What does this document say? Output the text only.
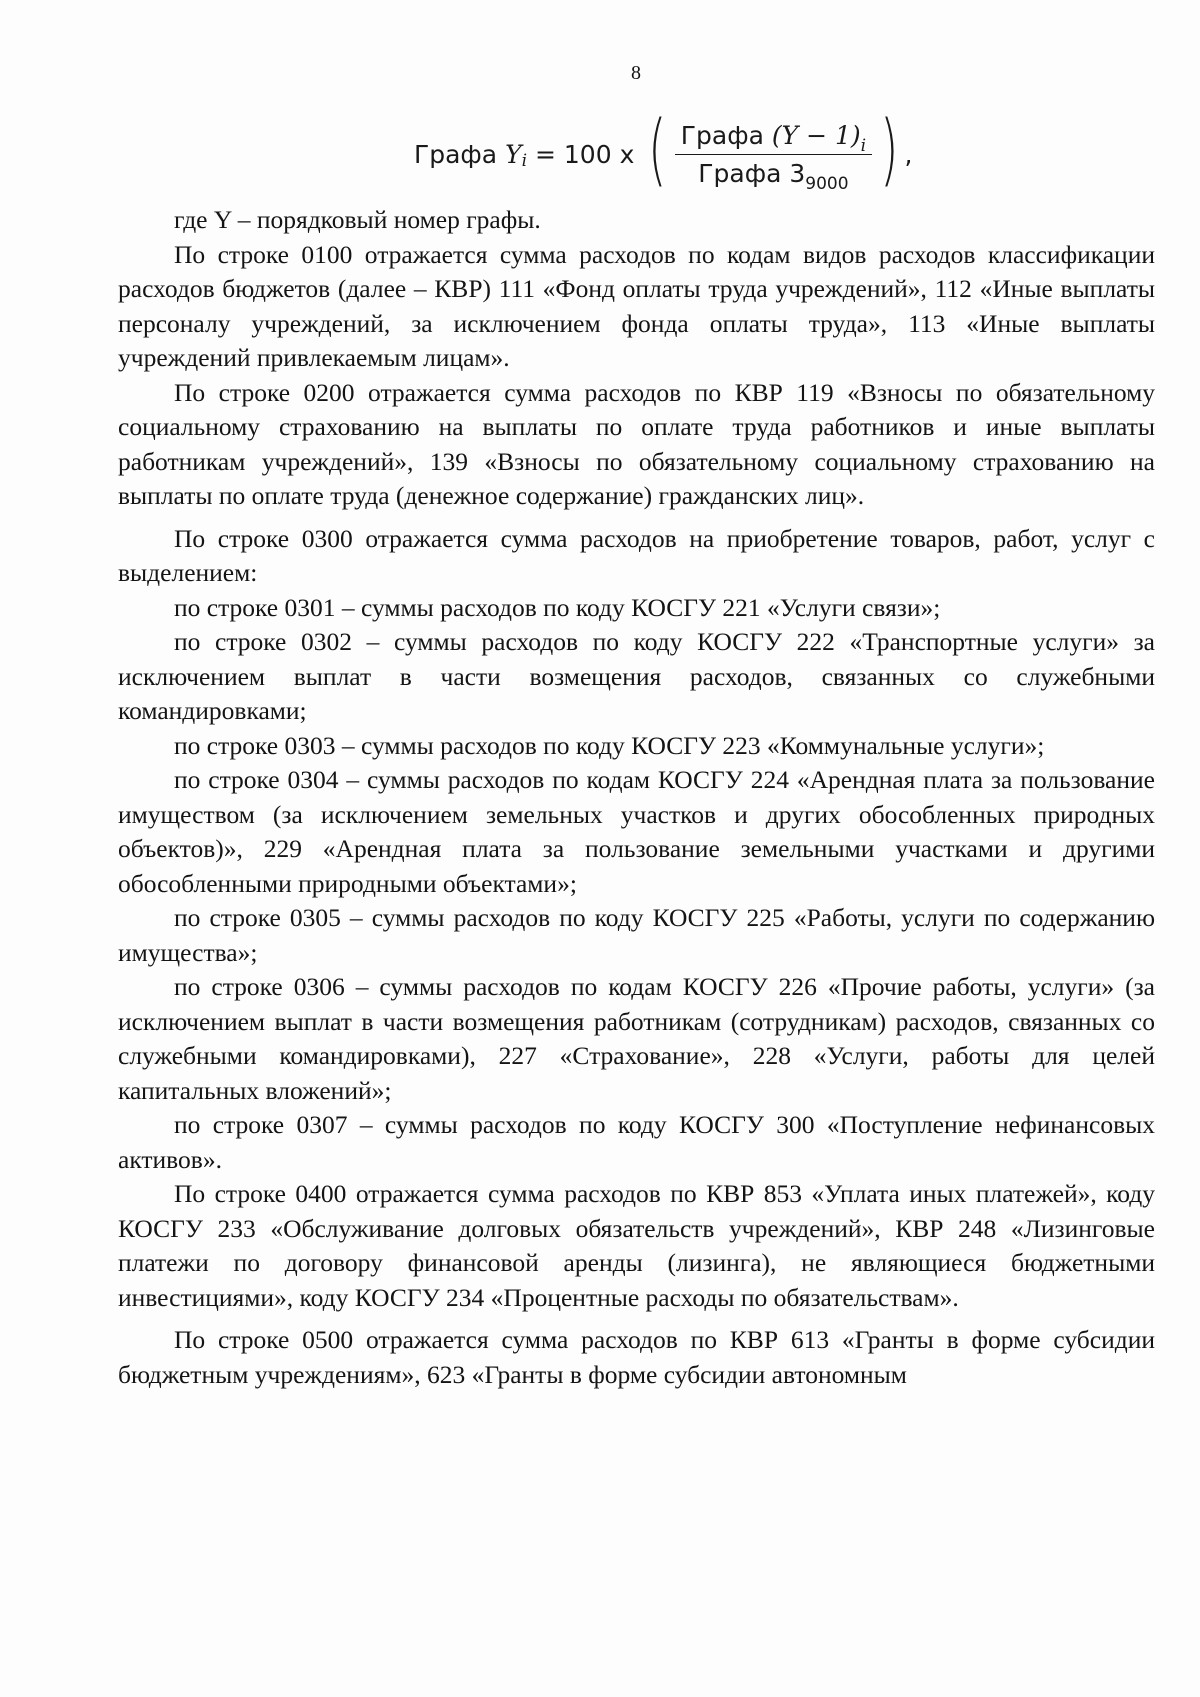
8
Графа
Y i
=
100
x
( $\frac{Графа (Y - 1)_i}{Графа 3_{9000}}$ ) ,

где Y – порядковый номер графы.

По строке 0100 отражается сумма расходов по кодам видов расходов классификации расходов бюджетов (далее – КВР) 111 «Фонд оплаты труда учреждений», 112 «Иные выплаты персоналу учреждений, за исключением фонда оплаты труда», 113 «Иные выплаты учреждений привлекаемым лицам».

По строке 0200 отражается сумма расходов по КВР 119 «Взносы по обязательному социальному страхованию на выплаты по оплате труда работников и иные выплаты работникам учреждений», 139 «Взносы по обязательному социальному страхованию на выплаты по оплате труда (денежное содержание) гражданских лиц».

По строке 0300 отражается сумма расходов на приобретение товаров, работ, услуг с выделением:

по строке 0301 – суммы расходов по коду КОСГУ 221 «Услуги связи»;

по строке 0302 – суммы расходов по коду КОСГУ 222 «Транспортные услуги» за исключением выплат в части возмещения расходов, связанных со служебными командировками;

по строке 0303 – суммы расходов по коду КОСГУ 223 «Коммунальные услуги»;

по строке 0304 – суммы расходов по кодам КОСГУ 224 «Арендная плата за пользование имуществом (за исключением земельных участков и других обособленных природных объектов)», 229 «Арендная плата за пользование земельными участками и другими обособленными природными объектами»;

по строке 0305 – суммы расходов по коду КОСГУ 225 «Работы, услуги по содержанию имущества»;

по строке 0306 – суммы расходов по кодам КОСГУ 226 «Прочие работы, услуги» (за исключением выплат в части возмещения работникам (сотрудникам) расходов, связанных со служебными командировками), 227 «Страхование», 228 «Услуги, работы для целей капитальных вложений»;

по строке 0307 – суммы расходов по коду КОСГУ 300 «Поступление нефинансовых активов».

По строке 0400 отражается сумма расходов по КВР 853 «Уплата иных платежей», коду КОСГУ 233 «Обслуживание долговых обязательств учреждений», КВР 248 «Лизинговые платежи по договору финансовой аренды (лизинга), не являющиеся бюджетными инвестициями», коду КОСГУ 234 «Процентные расходы по обязательствам».

По строке 0500 отражается сумма расходов по КВР 613 «Гранты в форме субсидии бюджетным учреждениям», 623 «Гранты в форме субсидии автономным
